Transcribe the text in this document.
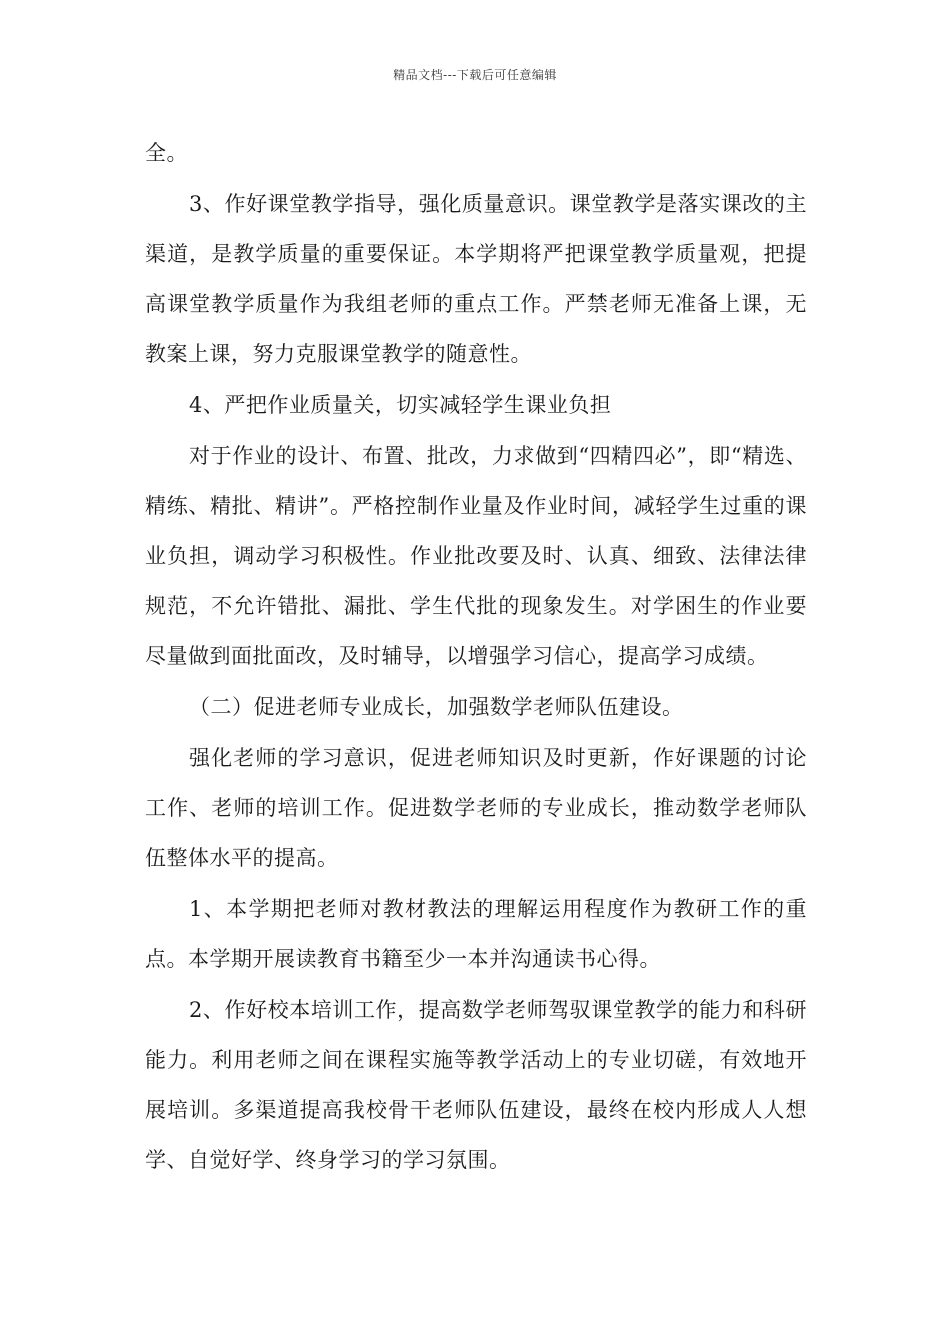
精品文档---下载后可任意编辑

全。

3、作好课堂教学指导，强化质量意识。课堂教学是落实课改的主渠道，是教学质量的重要保证。本学期将严把课堂教学质量观，把提高课堂教学质量作为我组老师的重点工作。严禁老师无准备上课，无教案上课，努力克服课堂教学的随意性。

4、严把作业质量关，切实减轻学生课业负担

对于作业的设计、布置、批改，力求做到“四精四必”，即“精选、精练、精批、精讲”。严格控制作业量及作业时间，减轻学生过重的课业负担，调动学习积极性。作业批改要及时、认真、细致、法律法律规范，不允许错批、漏批、学生代批的现象发生。对学困生的作业要尽量做到面批面改，及时辅导，以增强学习信心，提高学习成绩。

（二）促进老师专业成长，加强数学老师队伍建设。

强化老师的学习意识，促进老师知识及时更新，作好课题的讨论工作、老师的培训工作。促进数学老师的专业成长，推动数学老师队伍整体水平的提高。

1、本学期把老师对教材教法的理解运用程度作为教研工作的重点。本学期开展读教育书籍至少一本并沟通读书心得。

2、作好校本培训工作，提高数学老师驾驭课堂教学的能力和科研能力。利用老师之间在课程实施等教学活动上的专业切磋，有效地开展培训。多渠道提高我校骨干老师队伍建设，最终在校内形成人人想学、自觉好学、终身学习的学习氛围。
